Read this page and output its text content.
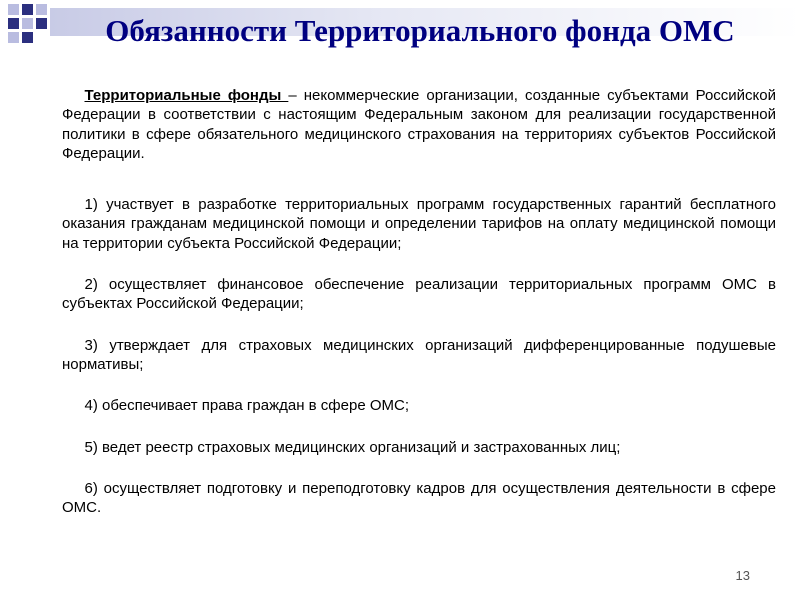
Обязанности Территориального фонда ОМС

  Территориальные фонды – некоммерческие организации, созданные субъектами Российской Федерации в соответствии с настоящим Федеральным законом для реализации государственной политики в сфере обязательного медицинского страхования на территориях субъектов Российской Федерации.

  1) участвует в разработке территориальных программ государственных гарантий бесплатного оказания гражданам медицинской помощи и определении тарифов на оплату медицинской помощи на территории субъекта Российской Федерации;

  2) осуществляет финансовое обеспечение реализации территориальных программ ОМС в субъектах Российской Федерации;

  3) утверждает для страховых медицинских организаций дифференцированные подушевые нормативы;

  4) обеспечивает права граждан в сфере ОМС;

  5) ведет реестр страховых медицинских организаций и застрахованных лиц;

  6) осуществляет подготовку и переподготовку кадров для осуществления деятельности в сфере ОМС.

13
